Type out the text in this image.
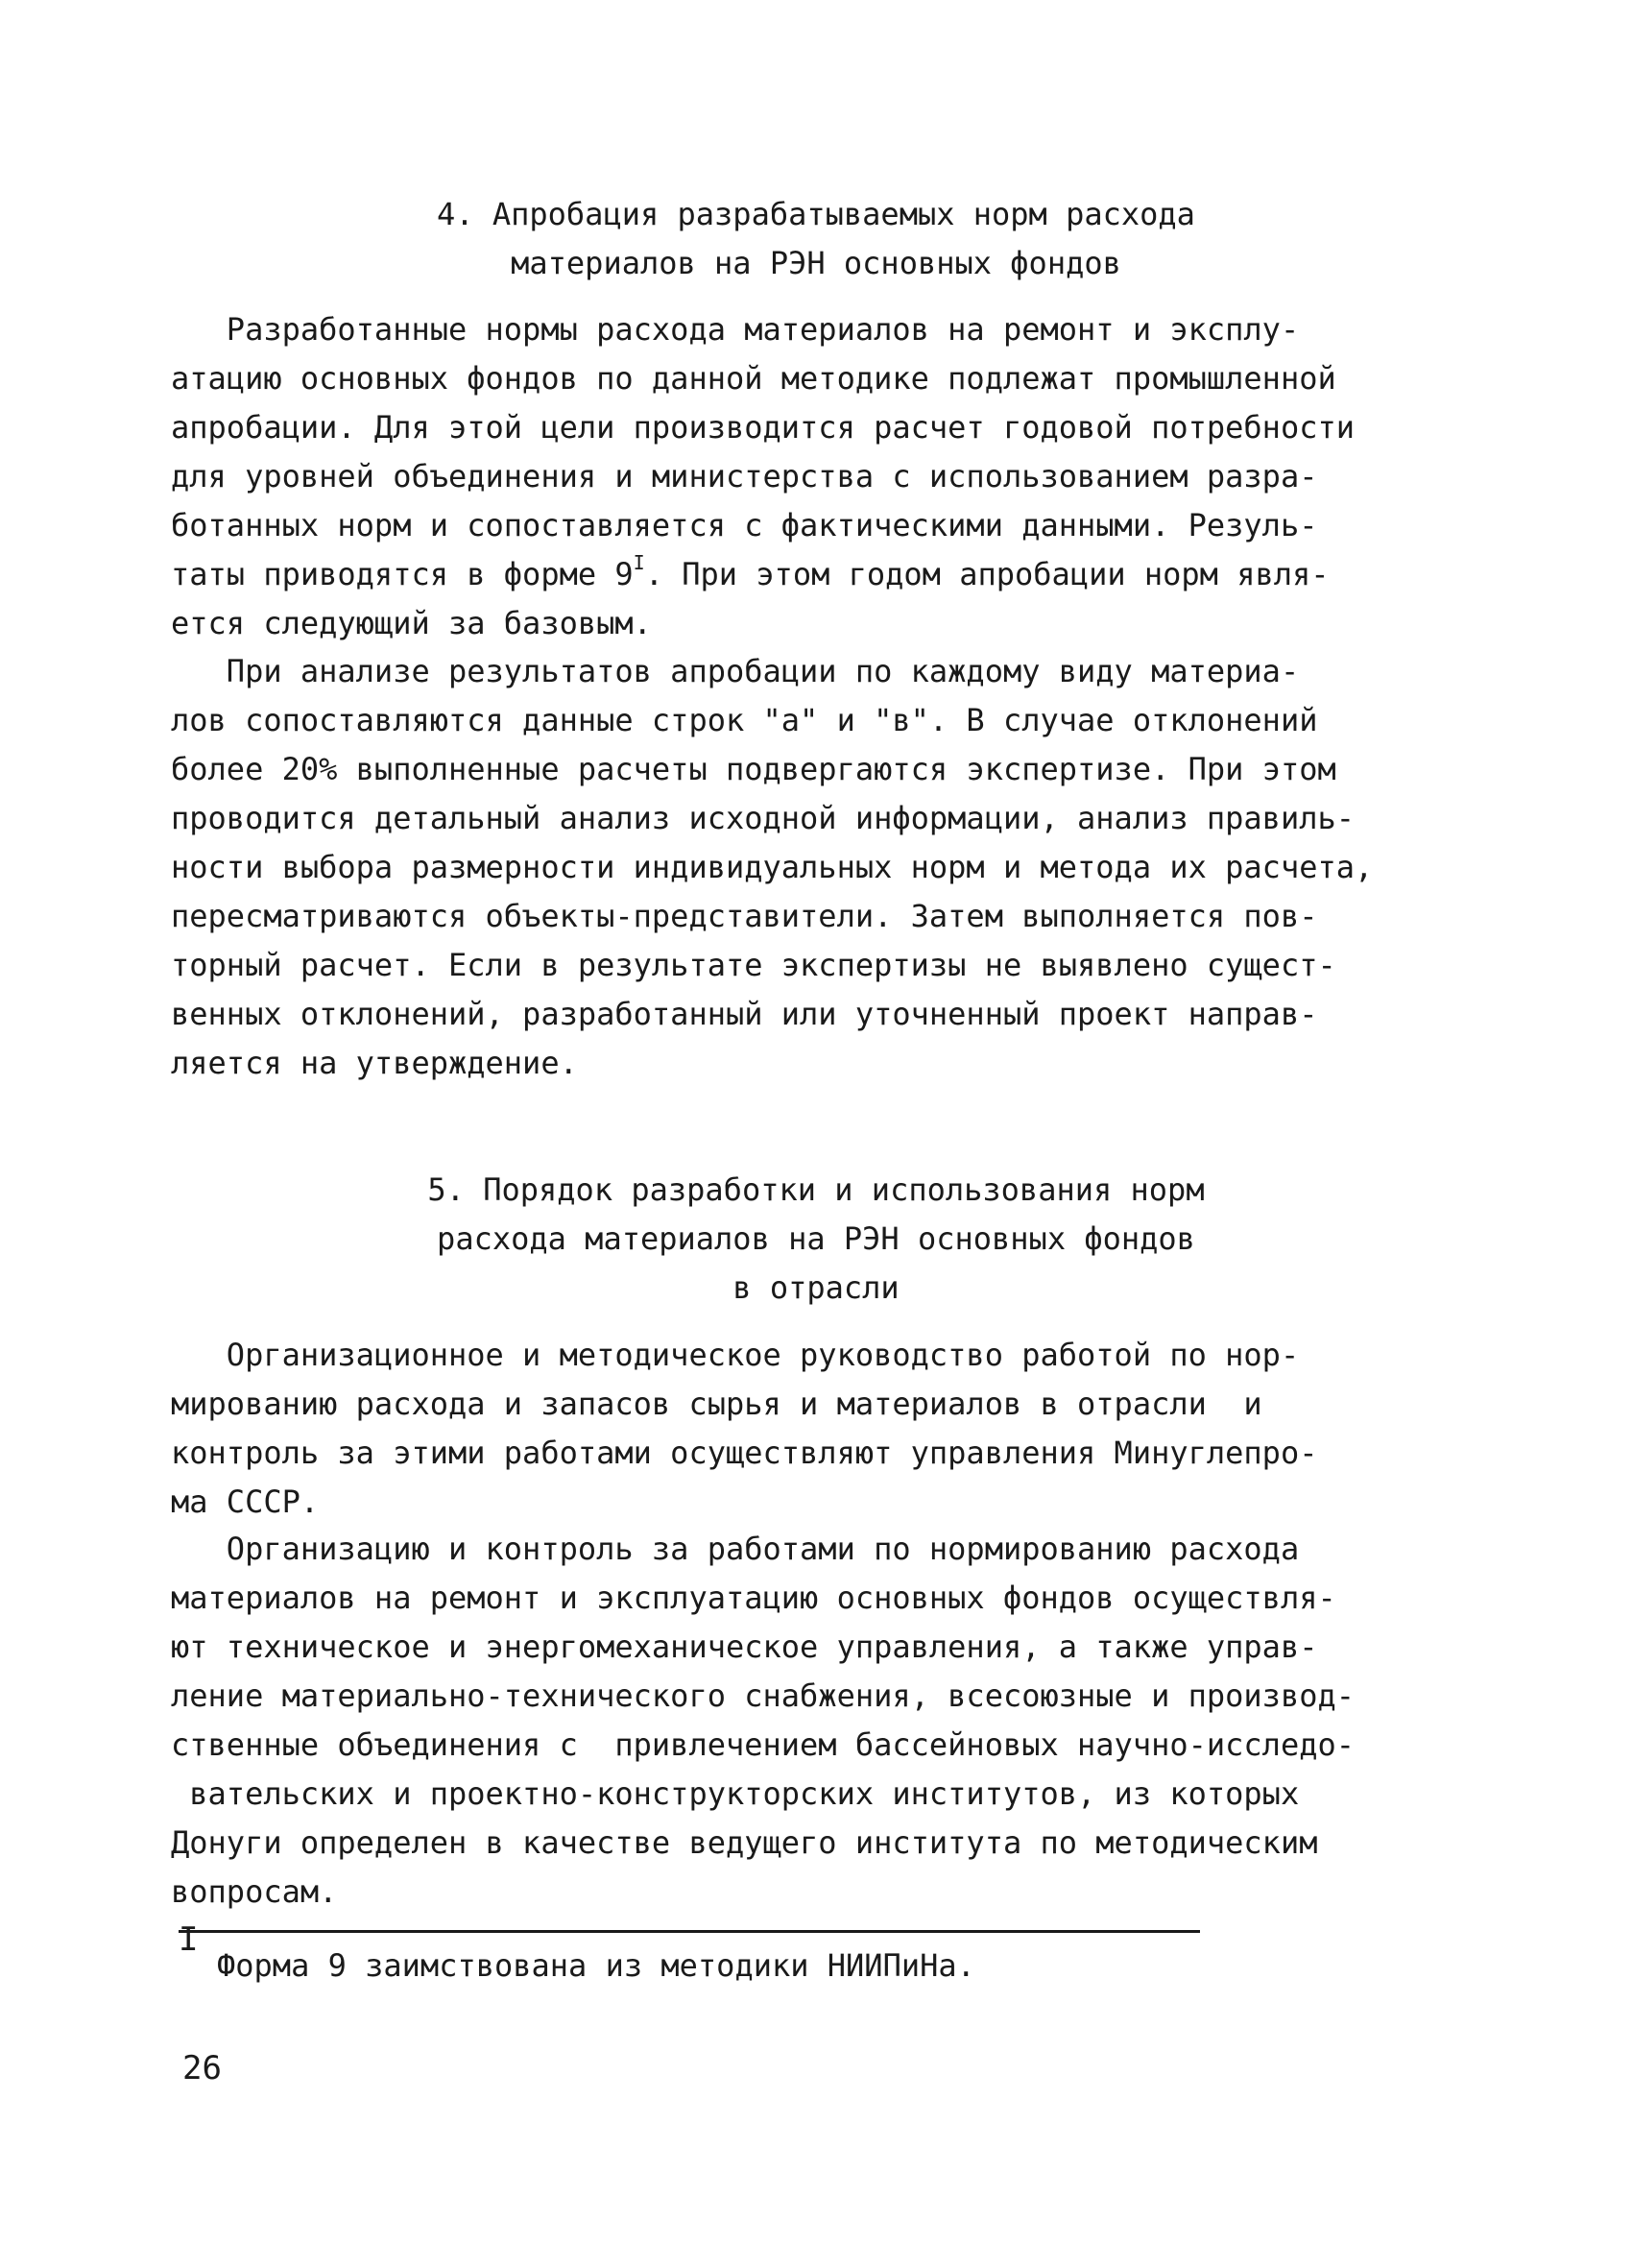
4. Апробация разрабатываемых норм расхода
материалов на РЭН основных фондов
Разработанные нормы расхода материалов на ремонт и эксплу-
атацию основных фондов по данной методике подлежат промышленной
апробации. Для этой цели производится расчет годовой потребности
для уровней объединения и министерства с использованием разра-
ботанных норм и сопоставляется с фактическими данными. Резуль-
таты приводятся в форме $9^I$. При этом годом апробации норм явля-
ется следующий за базовым.
При анализе результатов апробации по каждому виду материа-
лов сопоставляются данные строк "а" и "в". В случае отклонений
более 20% выполненные расчеты подвергаются экспертизе. При этом
проводится детальный анализ исходной информации, анализ правиль-
ности выбора размерности индивидуальных норм и метода их расчета,
пересматриваются объекты-представители. Затем выполняется пов-
торный расчет. Если в результате экспертизы не выявлено сущест-
венных отклонений, разработанный или уточненный проект направ-
ляется на утверждение.
5. Порядок разработки и использования норм
расхода материалов на РЭН основных фондов
в отрасли
Организационное и методическое руководство работой по нор-
мированию расхода и запасов сырья и материалов в отрасли  и
контроль за этими работами осуществляют управления Минуглепро-
ма СССР.
Организацию и контроль за работами по нормированию расхода
материалов на ремонт и эксплуатацию основных фондов осуществля-
ют техническое и энергомеханическое управления, а также управ-
ление материально-технического снабжения, всесоюзные и производ-
ственные объединения с  привлечением бассейновых научно-исследо-
вательских и проектно-конструкторских институтов, из которых
Донуги определен в качестве ведущего института по методическим
вопросам.
I
Форма 9 заимствована из методики НИИПиНа.
26
